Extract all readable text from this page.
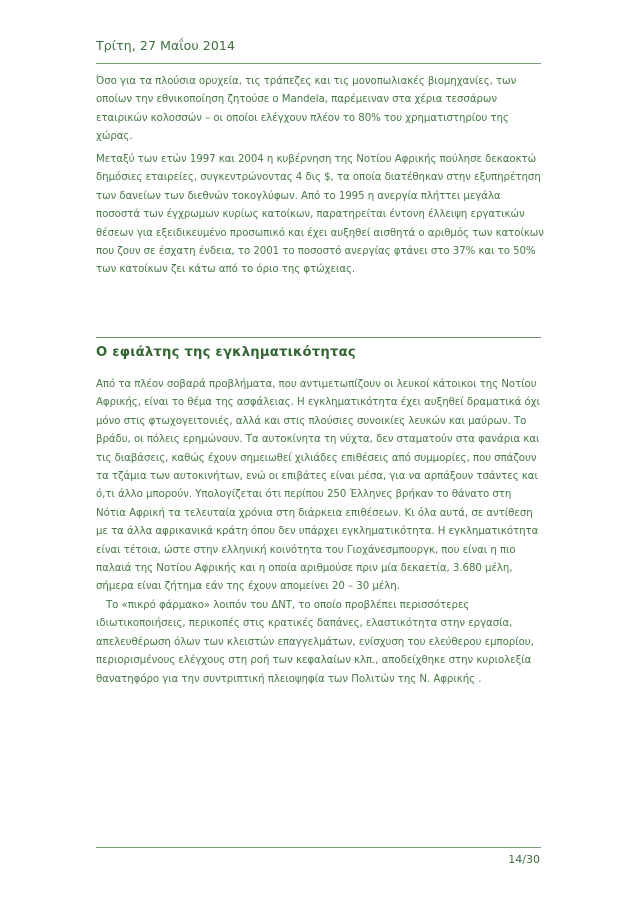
Τρίτη, 27 Μαΐου 2014

Όσο για τα πλούσια ορυχεία, τις τράπεζες και τις μονοπωλιακές βιομηχανίες, των οποίων την εθνικοποίηση ζητούσε ο Mandela, παρέμειναν στα χέρια τεσσάρων εταιρικών κολοσσών – οι οποίοι ελέγχουν πλέον το 80% του χρηματιστηρίου της χώρας.

Μεταξύ των ετών 1997 και 2004 η κυβέρνηση της Νοτίου Αφρικής πούλησε δεκαοκτώ δημόσιες εταιρείες, συγκεντρώνοντας 4 δις $, τα οποία διατέθηκαν στην εξυπηρέτηση των δανείων των διεθνών τοκογλύφων. Από το 1995 η ανεργία πλήττει μεγάλα ποσοστά των έγχρωμων κυρίως κατοίκων, παρατηρείται έντονη έλλειψη εργατικών θέσεων για εξειδικευμένο προσωπικό και έχει αυξηθεί αισθητά ο αριθμός των κατοίκων που ζουν σε έσχατη ένδεια, το 2001 το ποσοστό ανεργίας φτάνει στο 37% και το 50% των κατοίκων ζει κάτω από το όριο της φτώχειας.

Ο εφιάλτης της εγκληματικότητας

Από τα πλέον σοβαρά προβλήματα, που αντιμετωπίζουν οι λευκοί κάτοικοι της Νοτίου Αφρικής, είναι το θέμα της ασφάλειας. Η εγκληματικότητα έχει αυξηθεί δραματικά όχι μόνο στις φτωχογειτονιές, αλλά και στις πλούσιες συνοικίες λευκών και μαύρων. Το βράδυ, οι πόλεις ερημώνουν. Τα αυτοκίνητα τη νύχτα, δεν σταματούν στα φανάρια και τις διαβάσεις, καθώς έχουν σημειωθεί χιλιάδες επιθέσεις από συμμορίες, που σπάζουν τα τζάμια των αυτοκινήτων, ενώ οι επιβάτες είναι μέσα, για να αρπάξουν τσάντες και ό,τι άλλο μπορούν. Υπολογίζεται ότι περίπου 250 Έλληνες βρήκαν το θάνατο στη Νότια Αφρική τα τελευταία χρόνια στη διάρκεια επιθέσεων. Κι όλα αυτά, σε αντίθεση με τα άλλα αφρικανικά κράτη όπου δεν υπάρχει εγκληματικότητα. Η εγκληματικότητα είναι τέτοια, ώστε στην ελληνική κοινότητα του Γιοχάνεσμπουργκ, που είναι η πιο παλαιά της Νοτίου Αφρικής και η οποία αριθμούσε πριν μία δεκαετία, 3.680 μέλη, σήμερα είναι ζήτημα εάν της έχουν απομείνει 20 – 30 μέλη.

Το «πικρό φάρμακο» λοιπόν του ΔΝΤ, το οποίο προβλέπει περισσότερες ιδιωτικοποιήσεις, περικοπές στις κρατικές δαπάνες, ελαστικότητα στην εργασία, απελευθέρωση όλων των κλειστών επαγγελμάτων, ενίσχυση του ελεύθερου εμπορίου, περιορισμένους ελέγχους στη ροή των κεφαλαίων κλπ., αποδείχθηκε στην κυριολεξία θανατηφόρο για την συντριπτική πλειοψηφία των Πολιτών της Ν. Αφρικής .

14/30
